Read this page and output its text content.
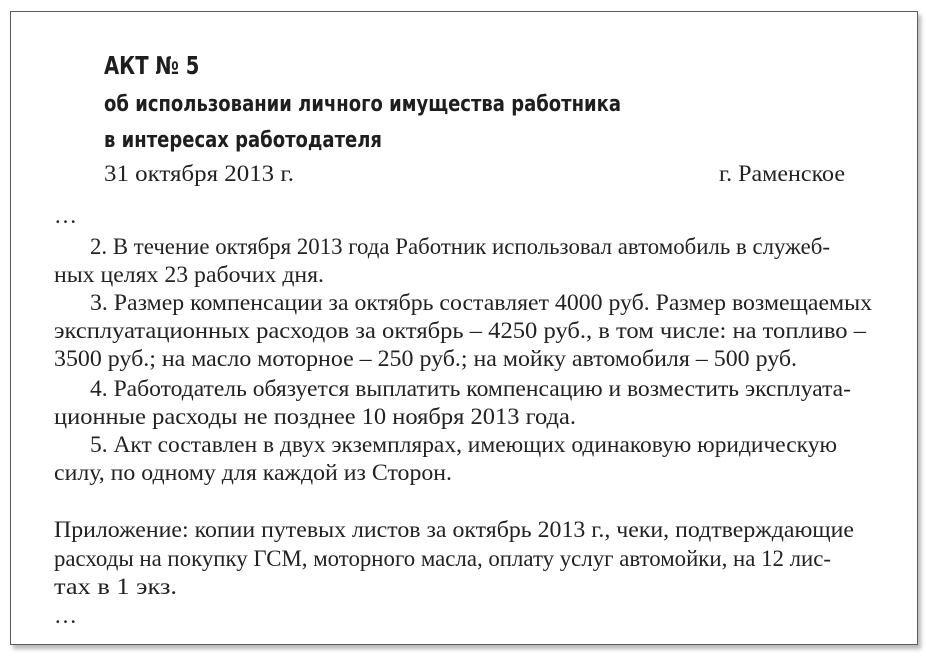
АКТ № 5
об использовании личного имущества работника
в интересах работодателя
31 октября 2013 г.	г. Раменское
…
2. В течение октября 2013 года Работник использовал автомобиль в служеб-
ных целях 23 рабочих дня.
3. Размер компенсации за октябрь составляет 4000 руб. Размер возмещаемых
эксплуатационных расходов за октябрь – 4250 руб., в том числе: на топливо –
3500 руб.; на масло моторное – 250 руб.; на мойку автомобиля – 500 руб.
4. Работодатель обязуется выплатить компенсацию и возместить эксплуата-
ционные расходы не позднее 10 ноября 2013 года.
5. Акт составлен в двух экземплярах, имеющих одинаковую юридическую
силу, по одному для каждой из Сторон.
Приложение: копии путевых листов за октябрь 2013 г., чеки, подтверждающие
расходы на покупку ГСМ, моторного масла, оплату услуг автомойки, на 12 лис-
тах в 1 экз.
…
